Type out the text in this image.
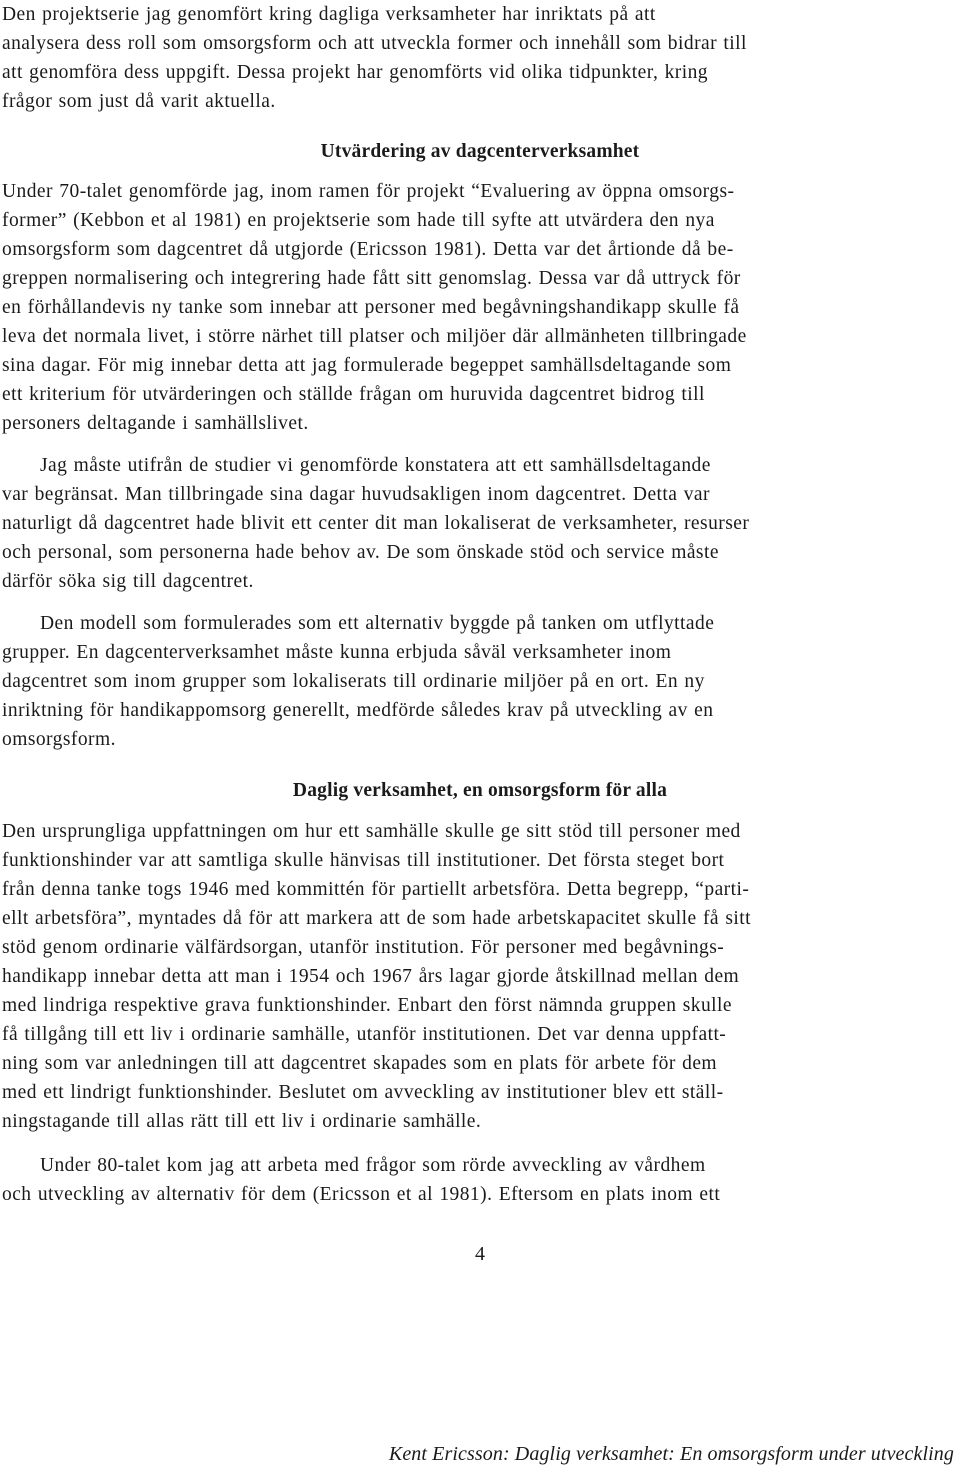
Den projektserie jag genomfört kring dagliga verksamheter har inriktats på att
analysera dess roll som omsorgsform och att utveckla former och innehåll som bidrar till
att genomföra dess uppgift. Dessa projekt har genomförts vid olika tidpunkter, kring
frågor som just då varit aktuella.

Utvärdering av dagcenterverksamhet

Under 70-talet genomförde jag, inom ramen för projekt “Evaluering av öppna omsorgs-
former” (Kebbon et al 1981) en projektserie som hade till syfte att utvärdera den nya
omsorgsform som dagcentret då utgjorde (Ericsson 1981). Detta var det årtionde då be-
greppen normalisering och integrering hade fått sitt genomslag. Dessa var då uttryck för
en förhållandevis ny tanke som innebar att personer med begåvningshandikapp skulle få
leva det normala livet, i större närhet till platser och miljöer där allmänheten tillbringade
sina dagar. För mig innebar detta att jag formulerade begeppet samhällsdeltagande som
ett kriterium för utvärderingen och ställde frågan om huruvida dagcentret bidrog till
personers deltagande i samhällslivet.

Jag måste utifrån de studier vi genomförde konstatera att ett samhällsdeltagande
var begränsat. Man tillbringade sina dagar huvudsakligen inom dagcentret. Detta var
naturligt då dagcentret hade blivit ett center dit man lokaliserat de verksamheter, resurser
och personal, som personerna hade behov av. De som önskade stöd och service måste
därför söka sig till dagcentret.

Den modell som formulerades som ett alternativ byggde på tanken om utflyttade
grupper. En dagcenterverksamhet måste kunna erbjuda såväl verksamheter inom
dagcentret som inom grupper som lokaliserats till ordinarie miljöer på en ort. En ny
inriktning för handikappomsorg generellt, medförde således krav på utveckling av en
omsorgsform.

Daglig verksamhet, en omsorgsform för alla

Den ursprungliga uppfattningen om hur ett samhälle skulle ge sitt stöd till personer med
funktionshinder var att samtliga skulle hänvisas till institutioner. Det första steget bort
från denna tanke togs 1946 med kommittén för partiellt arbetsföra. Detta begrepp, “parti-
ellt arbetsföra”, myntades då för att markera att de som hade arbetskapacitet skulle få sitt
stöd genom ordinarie välfärdsorgan, utanför institution. För personer med begåvnings-
handikapp innebar detta att man i 1954 och 1967 års lagar gjorde åtskillnad mellan dem
med lindriga respektive grava funktionshinder. Enbart den först nämnda gruppen skulle
få tillgång till ett liv i ordinarie samhälle, utanför institutionen. Det var denna uppfatt-
ning som var anledningen till att dagcentret skapades som en plats för arbete för dem
med ett lindrigt funktionshinder. Beslutet om avveckling av institutioner blev ett ställ-
ningstagande till allas rätt till ett liv i ordinarie samhälle.

Under 80-talet kom jag att arbeta med frågor som rörde avveckling av vårdhem
och utveckling av alternativ för dem (Ericsson et al 1981). Eftersom en plats inom ett

4
Kent Ericsson: Daglig verksamhet: En omsorgsform under utveckling
